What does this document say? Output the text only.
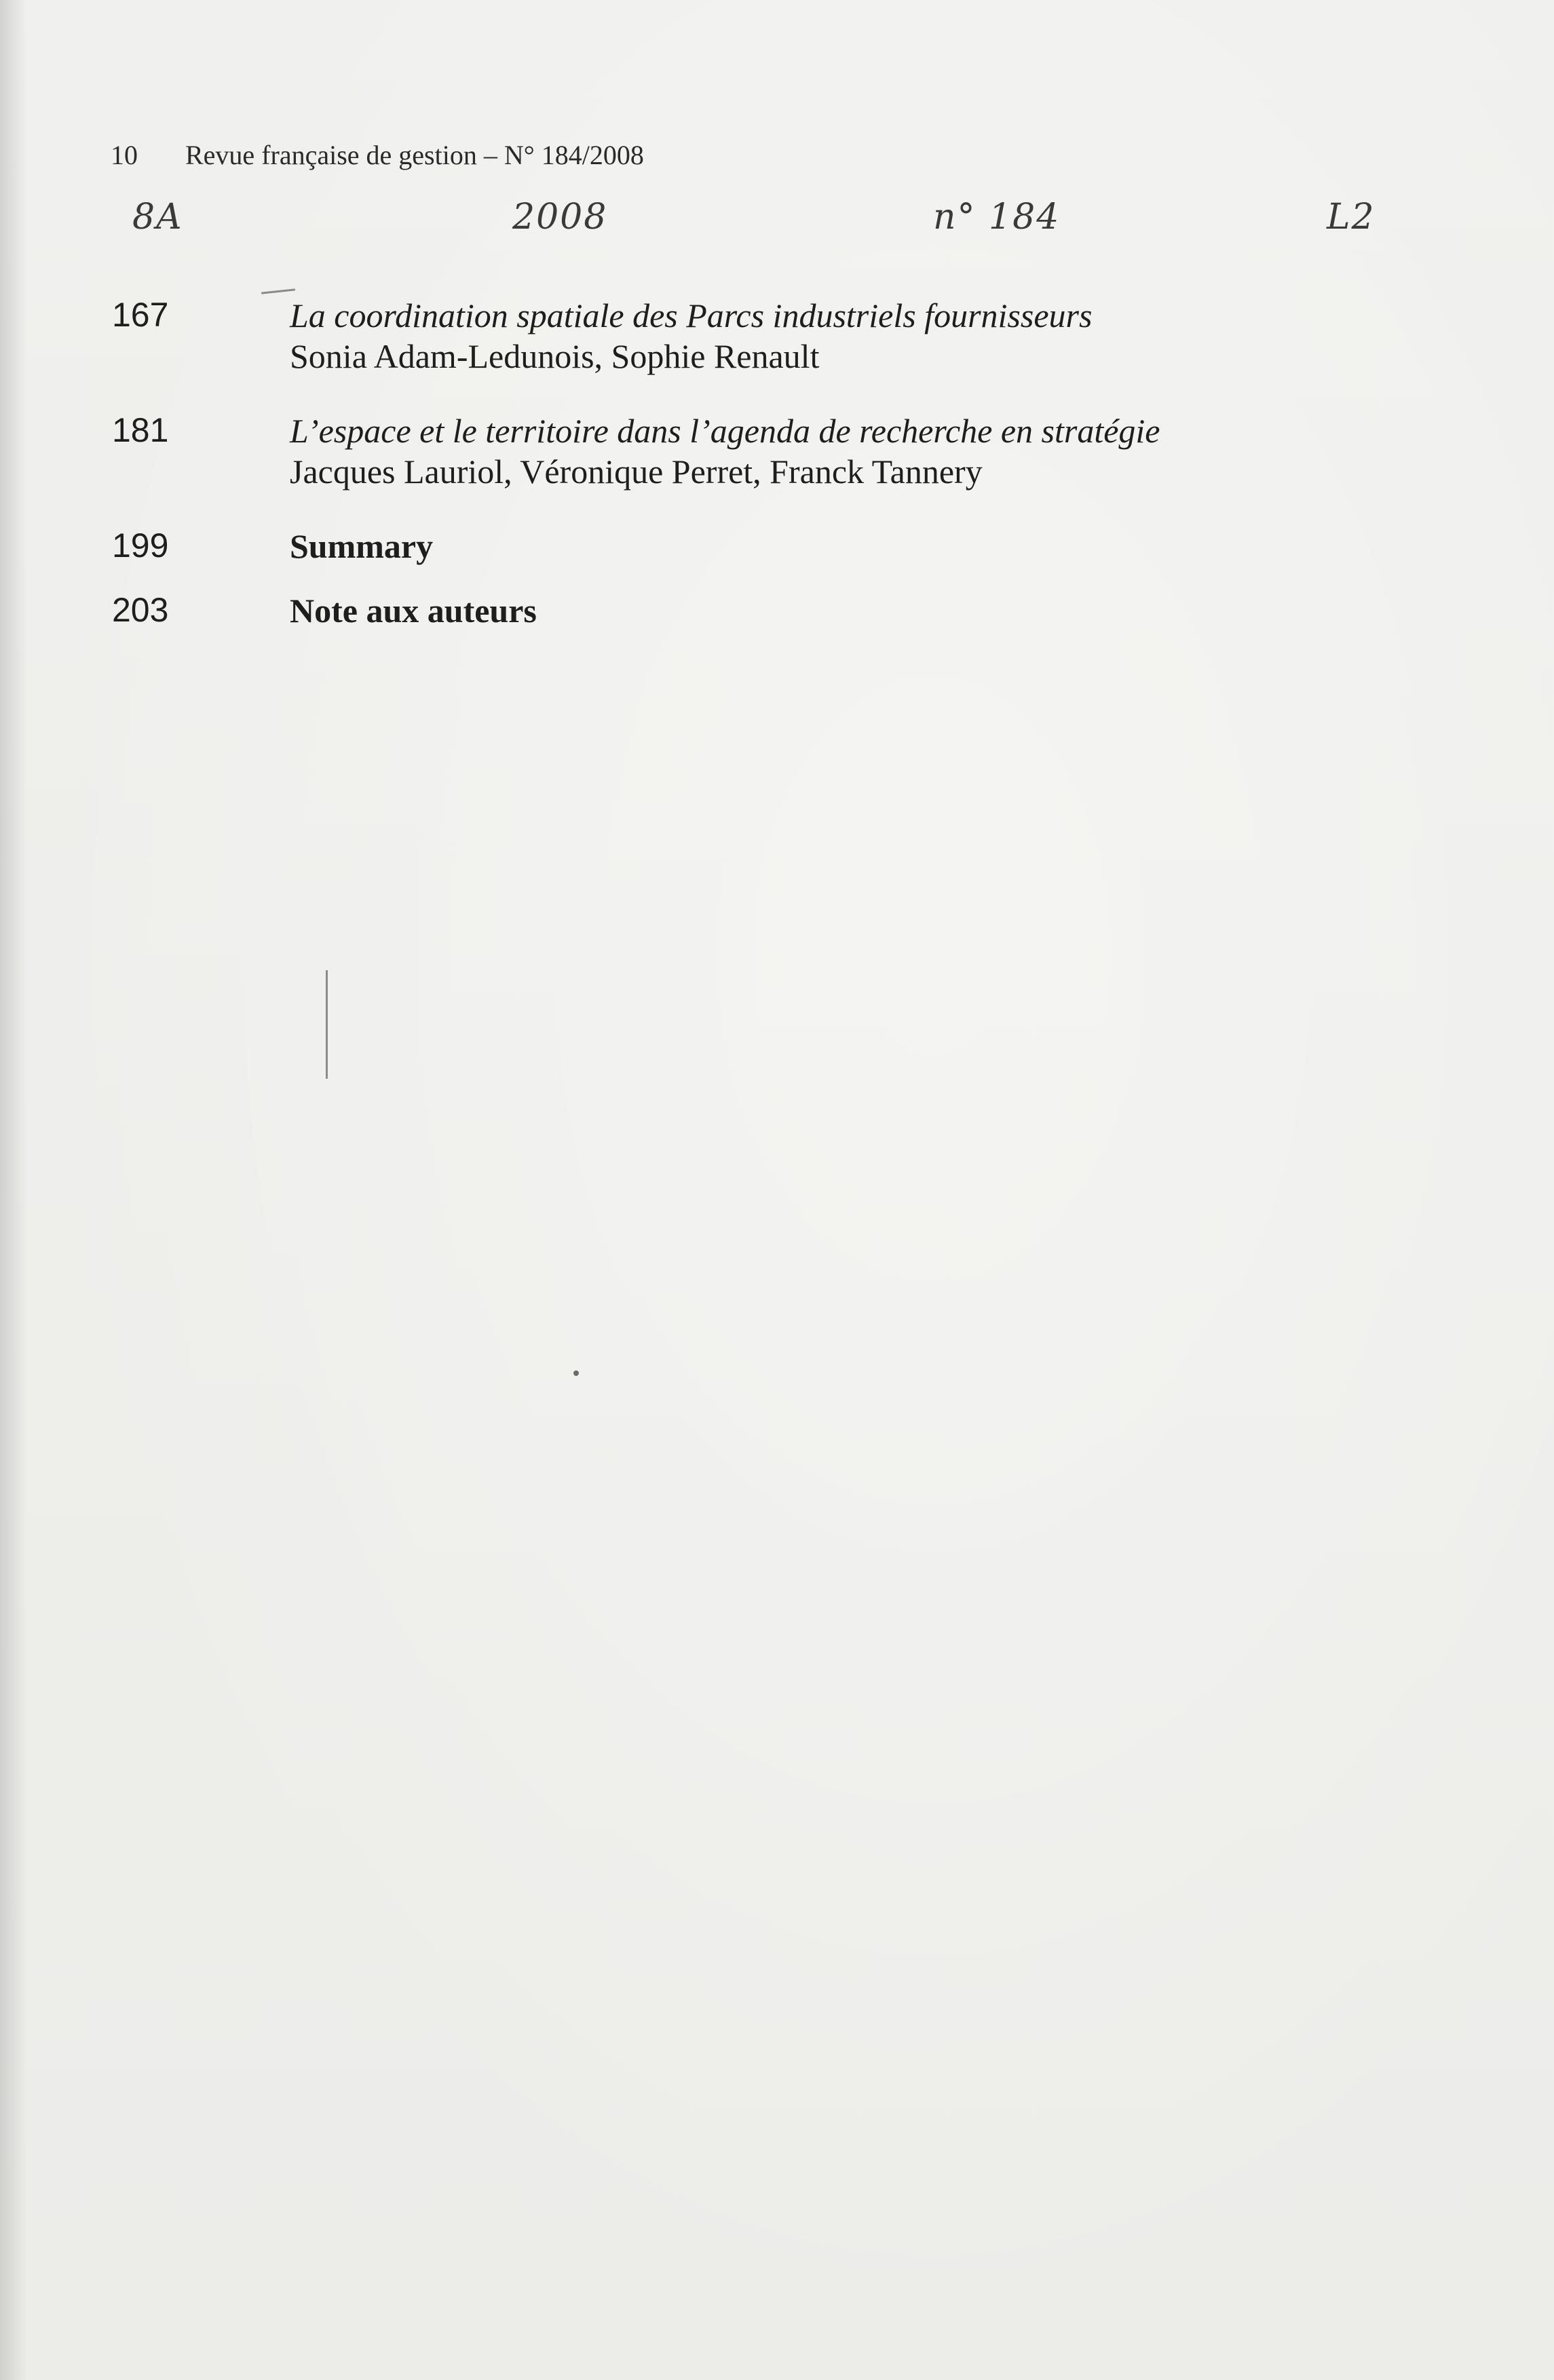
10 Revue française de gestion – N° 184/2008
8A	2008	n° 184	L2
167	La coordination spatiale des Parcs industriels fournisseurs
Sonia Adam-Ledunois, Sophie Renault
181	L’espace et le territoire dans l’agenda de recherche en stratégie
Jacques Lauriol, Véronique Perret, Franck Tannery
199	Summary
203	Note aux auteurs
